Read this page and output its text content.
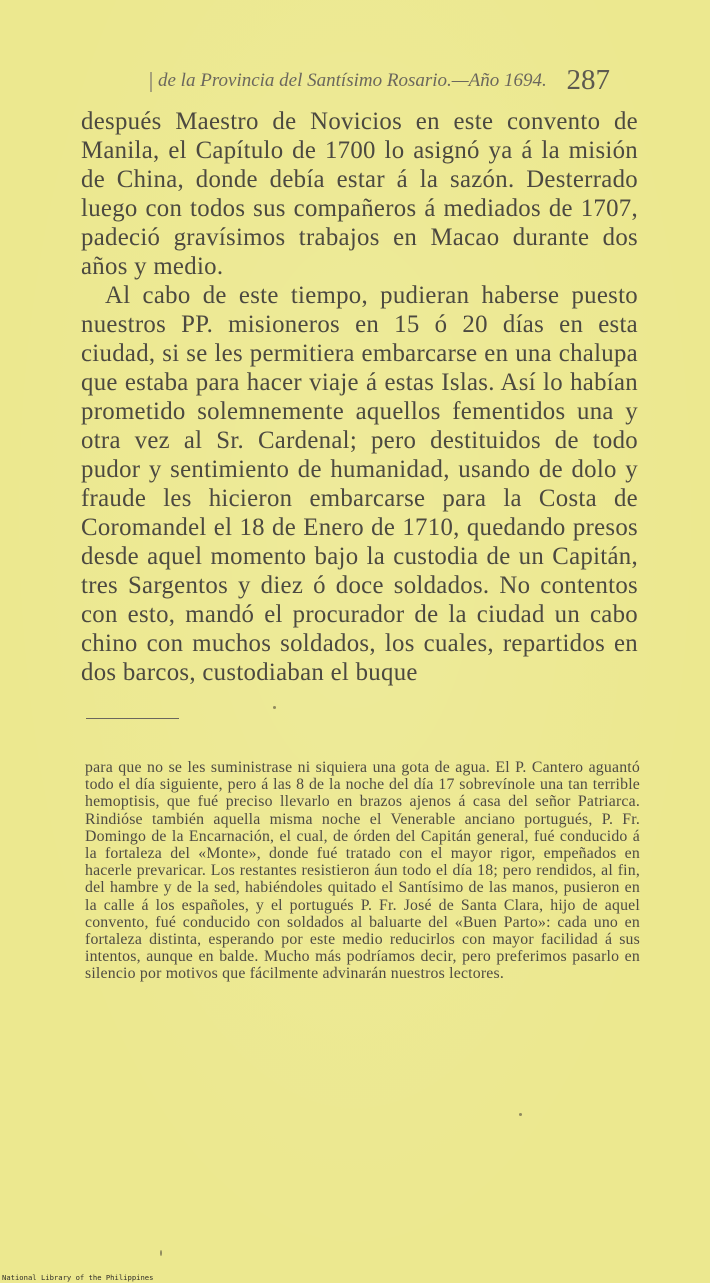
de la Provincia del Santísimo Rosario.—Año 1694. 287

después Maestro de Novicios en este convento de Manila, el Capítulo de 1700 lo asignó ya á la misión de China, donde debía estar á la sazón. Desterrado luego con todos sus compañeros á mediados de 1707, padeció gravísimos trabajos en Macao durante dos años y medio.

Al cabo de este tiempo, pudieran haberse puesto nuestros PP. misioneros en 15 ó 20 días en esta ciudad, si se les permitiera embarcarse en una chalupa que estaba para hacer viaje á estas Islas. Así lo habían prometido solemnemente aquellos fementidos una y otra vez al Sr. Cardenal; pero destituidos de todo pudor y sentimiento de humanidad, usando de dolo y fraude les hicieron embarcarse para la Costa de Coromandel el 18 de Enero de 1710, quedando presos desde aquel momento bajo la custodia de un Capitán, tres Sargentos y diez ó doce soldados. No contentos con esto, mandó el procurador de la ciudad un cabo chino con muchos soldados, los cuales, repartidos en dos barcos, custodiaban el buque

para que no se les suministrase ni siquiera una gota de agua. El P. Cantero aguantó todo el día siguiente, pero á las 8 de la noche del día 17 sobrevínole una tan terrible hemoptisis, que fué preciso llevarlo en brazos ajenos á casa del señor Patriarca. Rindióse también aquella misma noche el Venerable anciano portugués, P. Fr. Domingo de la Encarnación, el cual, de órden del Capitán general, fué conducido á la fortaleza del «Monte», donde fué tratado con el mayor rigor, empeñados en hacerle prevaricar. Los restantes resistieron áun todo el día 18; pero rendidos, al fin, del hambre y de la sed, habiéndoles quitado el Santísimo de las manos, pusieron en la calle á los españoles, y el portugués P. Fr. José de Santa Clara, hijo de aquel convento, fué conducido con soldados al baluarte del «Buen Parto»: cada uno en fortaleza distinta, esperando por este medio reducirlos con mayor facilidad á sus intentos, aunque en balde. Mucho más podríamos decir, pero preferimos pasarlo en silencio por motivos que fácilmente advinarán nuestros lectores.

National Library of the Philippines
